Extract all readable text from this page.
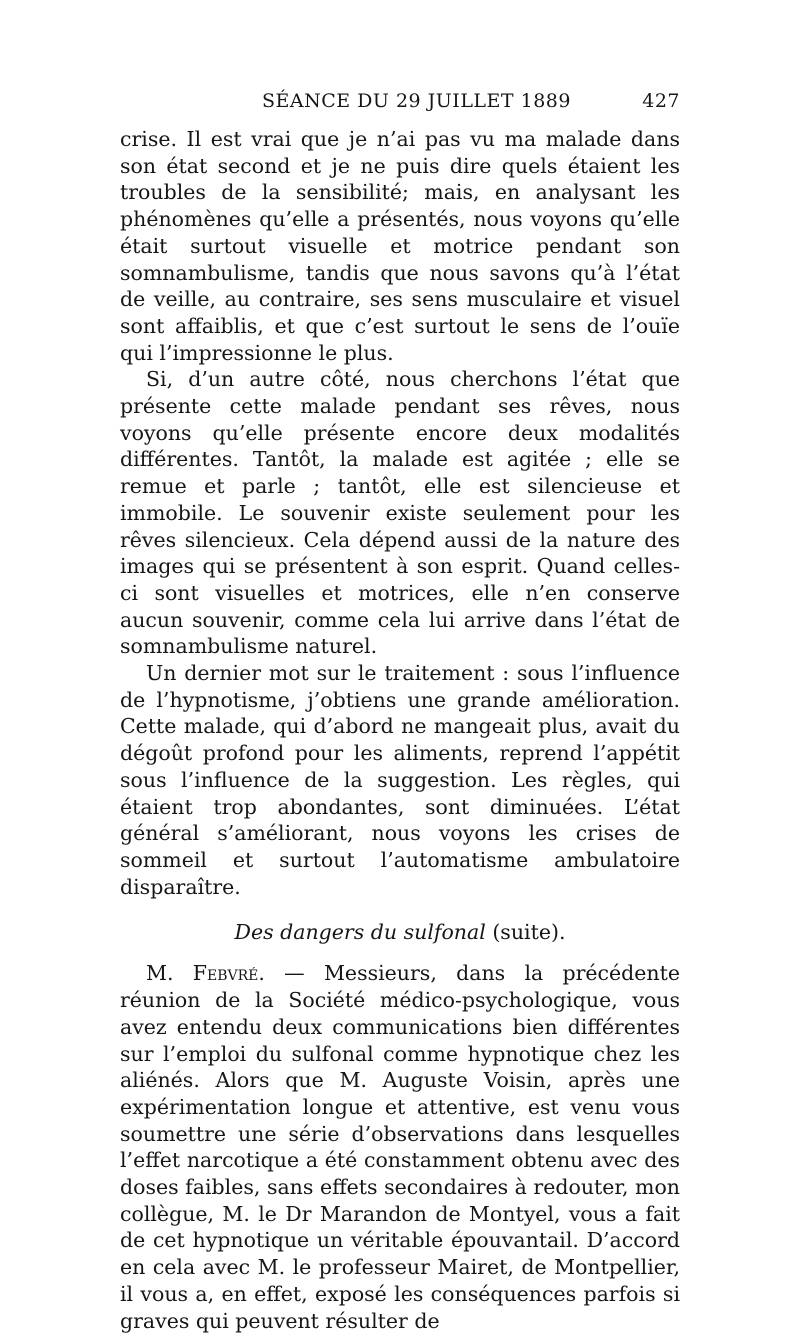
SÉANCE DU 29 JUILLET 1889	427

crise. Il est vrai que je n’ai pas vu ma malade dans son état second et je ne puis dire quels étaient les troubles de la sensibilité; mais, en analysant les phénomènes qu’elle a présentés, nous voyons qu’elle était surtout visuelle et motrice pendant son somnambulisme, tandis que nous savons qu’à l’état de veille, au contraire, ses sens musculaire et visuel sont affaiblis, et que c’est surtout le sens de l’ouïe qui l’impressionne le plus.

Si, d’un autre côté, nous cherchons l’état que présente cette malade pendant ses rêves, nous voyons qu’elle présente encore deux modalités différentes. Tantôt, la malade est agitée ; elle se remue et parle ; tantôt, elle est silencieuse et immobile. Le souvenir existe seulement pour les rêves silencieux. Cela dépend aussi de la nature des images qui se présentent à son esprit. Quand celles-ci sont visuelles et motrices, elle n’en conserve aucun souvenir, comme cela lui arrive dans l’état de somnambulisme naturel.

Un dernier mot sur le traitement : sous l’influence de l’hypnotisme, j’obtiens une grande amélioration. Cette malade, qui d’abord ne mangeait plus, avait du dégoût profond pour les aliments, reprend l’appétit sous l’influence de la suggestion. Les règles, qui étaient trop abondantes, sont diminuées. L’état général s’améliorant, nous voyons les crises de sommeil et surtout l’automatisme ambulatoire disparaître.

Des dangers du sulfonal (suite).

M. Febvré. — Messieurs, dans la précédente réunion de la Société médico-psychologique, vous avez entendu deux communications bien différentes sur l’emploi du sulfonal comme hypnotique chez les aliénés. Alors que M. Auguste Voisin, après une expérimentation longue et attentive, est venu vous soumettre une série d’observations dans lesquelles l’effet narcotique a été constamment obtenu avec des doses faibles, sans effets secondaires à redouter, mon collègue, M. le Dr Marandon de Montyel, vous a fait de cet hypnotique un véritable épouvantail. D’accord en cela avec M. le professeur Mairet, de Montpellier, il vous a, en effet, exposé les conséquences parfois si graves qui peuvent résulter de
